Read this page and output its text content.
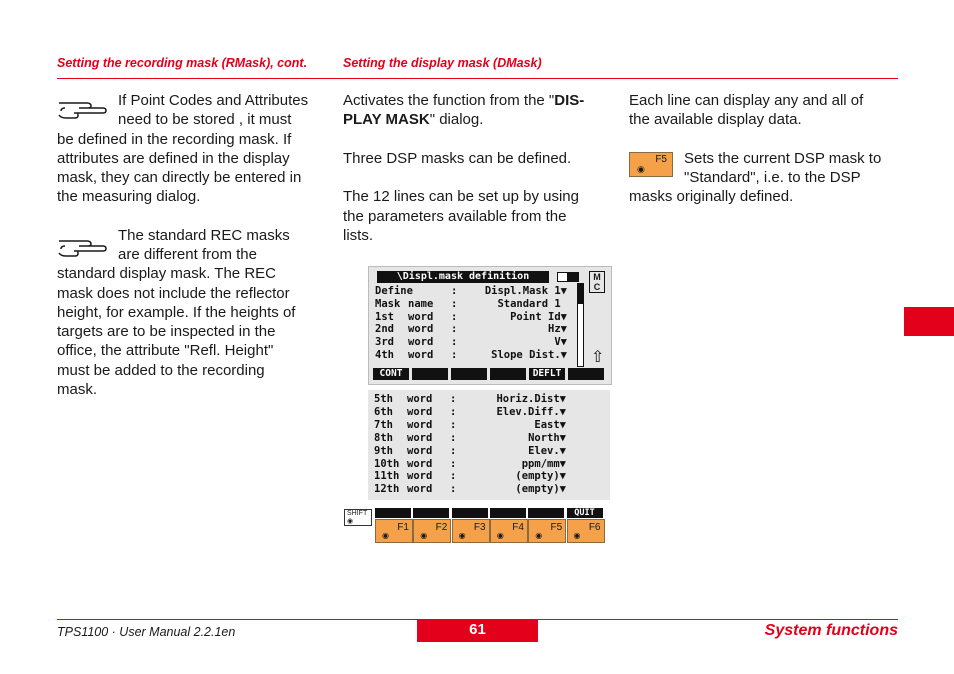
Setting the recording mask (RMask), cont.	Setting the display mask (DMask)
If Point Codes and Attributes
need to be stored , it must
be defined in the recording mask. If
attributes are defined in the display
mask, they can directly be entered in
the measuring dialog.
The standard REC masks
are different from the
standard display mask. The REC
mask does not include the reflector
height, for example. If the heights of
targets are to be inspected in the
office, the attribute "Refl. Height"
must be added to the recording
mask.
Activates the function from the "DIS-
PLAY MASK" dialog.
Three DSP masks can be defined.
The 12 lines can be set up by using
the parameters available from the
lists.
\Displ.mask definition	M C
⇧
Define	:	Displ.Mask 1▼
Mask name :	Standard 1
1st word :	Point Id▼
2nd word :	Hz▼
3rd word :	V▼
4th word :	Slope Dist.▼
CONT	DEFLT
5th word :	Horiz.Dist▼
6th word :	Elev.Diff.▼
7th word :	East▼
8th word :	North▼
9th word :	Elev.▼
10th word :	ppm/mm▼
11th word :	(empty)▼
12th word :	(empty)▼
SHIFT
◉
QUIT
F1
◉
F2
◉
F3
◉
F4
◉
F5
◉
F6
◉
Each line can display any and all of
the available display data.
F5
◉
Sets the current DSP mask to
"Standard", i.e. to the DSP
masks originally defined.
TPS1100 · User Manual 2.2.1en	61	System functions
